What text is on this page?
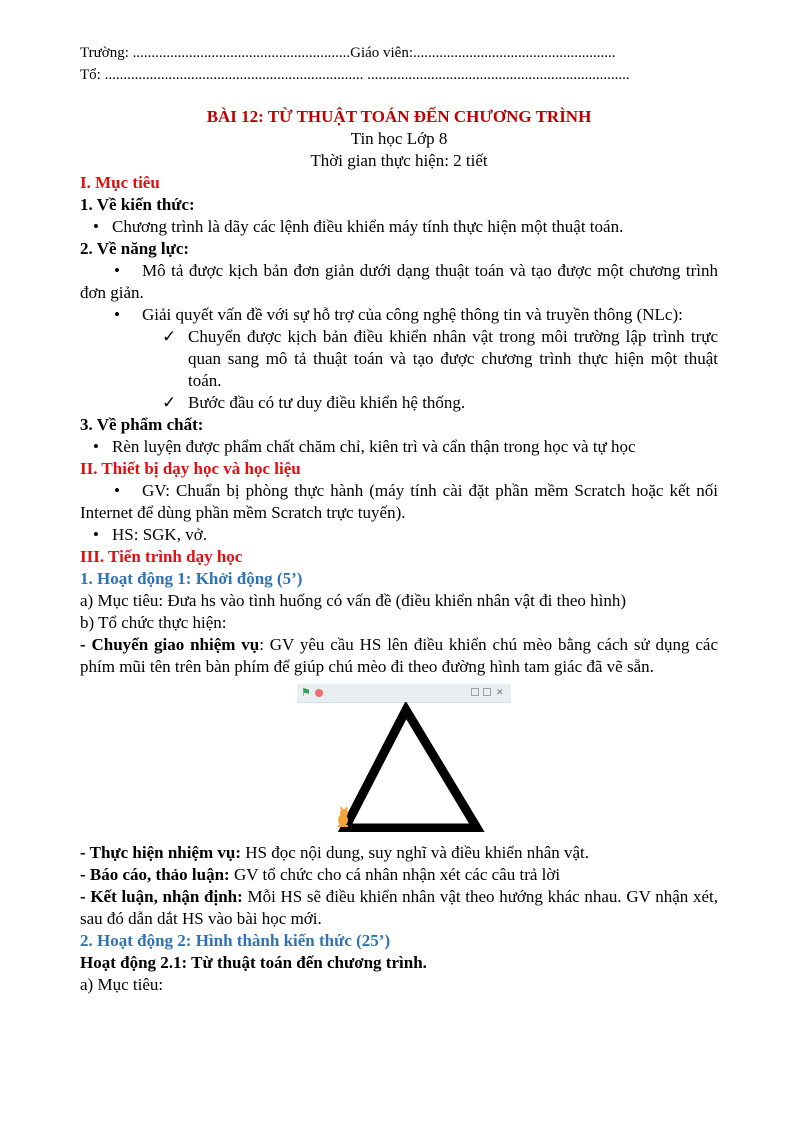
Trường: ..........................................................Giáo viên:......................................................
Tổ: ..................................................................... ......................................................................
BÀI 12: TỪ THUẬT TOÁN ĐẾN CHƯƠNG TRÌNH
Tin học Lớp 8
Thời gian thực hiện: 2 tiết
I. Mục tiêu
1. Về kiến thức:
• Chương trình là dãy các lệnh điều khiển máy tính thực hiện một thuật toán.
2. Về năng lực:
•	Mô tả được kịch bản đơn giản dưới dạng thuật toán và tạo được một chương trình đơn giản.
•	Giải quyết vấn đề với sự hỗ trợ của công nghệ thông tin và truyền thông (NLc):
✓ Chuyển được kịch bản điều khiển nhân vật trong môi trường lập trình trực quan sang mô tả thuật toán và tạo được chương trình thực hiện một thuật toán.
✓ Bước đầu có tư duy điều khiển hệ thống.
3. Về phẩm chất:
• Rèn luyện được phẩm chất chăm chỉ, kiên trì và cẩn thận trong học và tự học
II. Thiết bị dạy học và học liệu
•	GV: Chuẩn bị phòng thực hành (máy tính cài đặt phần mềm Scratch hoặc kết nối Internet để dùng phần mềm Scratch trực tuyến).
• HS: SGK, vở.
III. Tiến trình dạy học
1. Hoạt động 1: Khởi động (5’)
a) Mục tiêu: Đưa hs vào tình huống có vấn đề (điều khiển nhân vật đi theo hình)
b) Tổ chức thực hiện:
- Chuyển giao nhiệm vụ: GV yêu cầu HS lên điều khiển chú mèo bằng cách sử dụng các phím mũi tên trên bàn phím để giúp chú mèo đi theo đường hình tam giác đã vẽ sẵn.
⚑	✕
- Thực hiện nhiệm vụ: HS đọc nội dung, suy nghĩ và điều khiển nhân vật.
- Báo cáo, thảo luận: GV tổ chức cho cá nhân nhận xét các câu trả lời
- Kết luận, nhận định: Mỗi HS sẽ điều khiển nhân vật theo hướng khác nhau. GV nhận xét, sau đó dẫn dắt HS vào bài học mới.
2. Hoạt động 2: Hình thành kiến thức (25’)
Hoạt động 2.1: Từ thuật toán đến chương trình.
a) Mục tiêu:
